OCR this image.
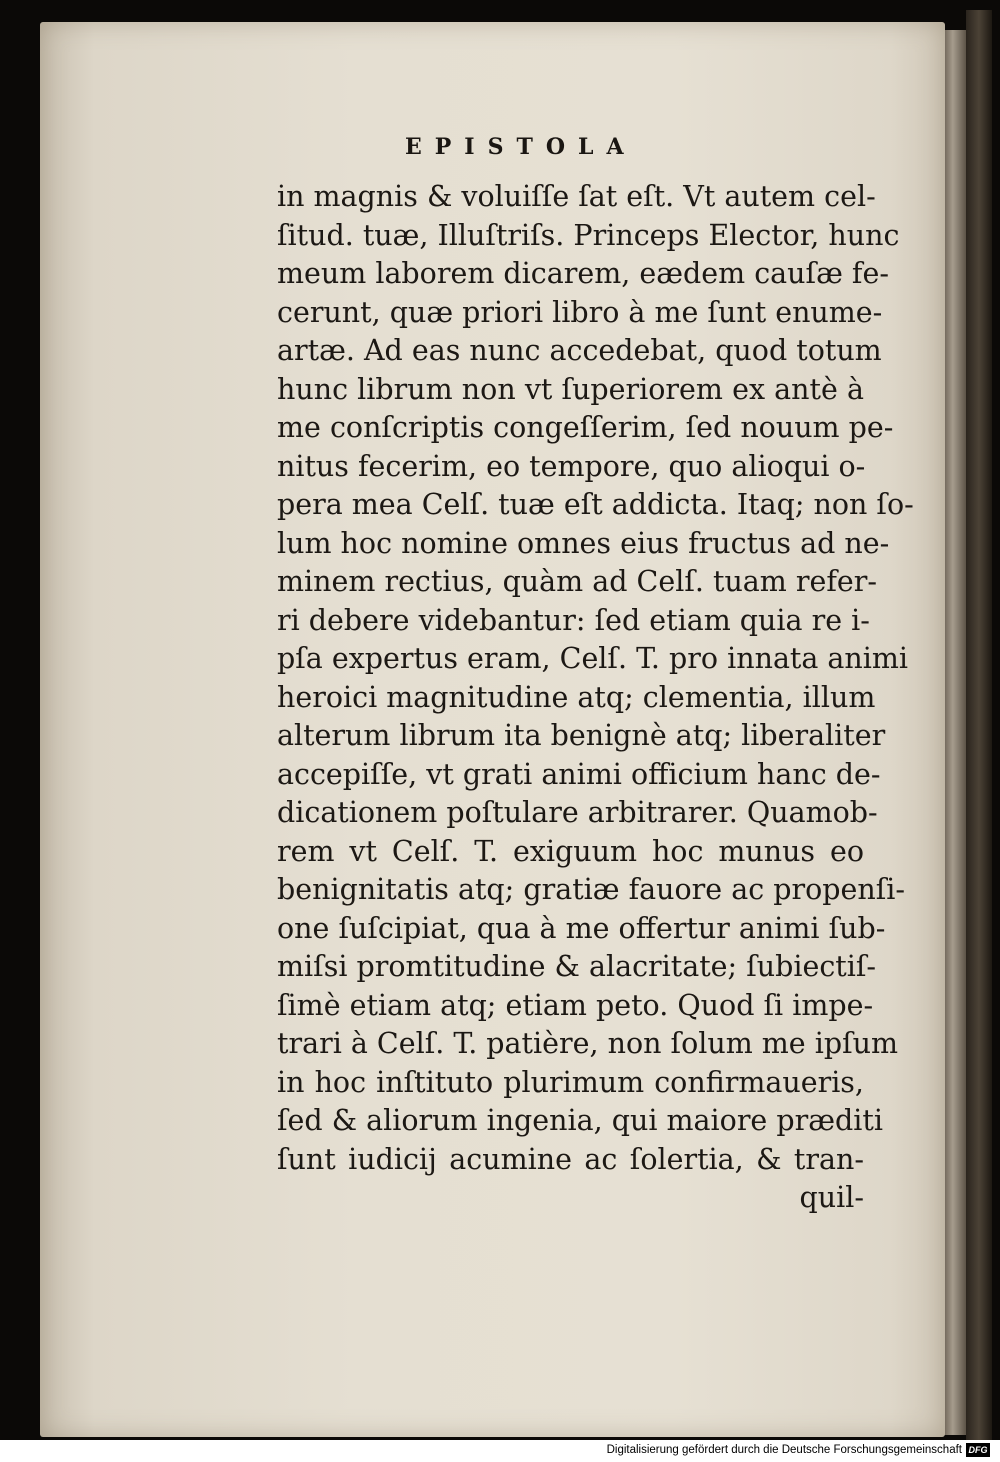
EPISTOLA
in magnis & voluiſſe ſat eſt. Vt autem cel-
ſitud. tuæ, Illuſtriſs. Princeps Elector, hunc
meum laborem dicarem, eædem cauſæ fe-
cerunt, quæ priori libro à me ſunt enume-
artæ. Ad eas nunc accedebat, quod totum
hunc librum non vt ſuperiorem ex antè à
me conſcriptis congeſſerim, ſed nouum pe-
nitus fecerim, eo tempore, quo alioqui o-
pera mea Celſ. tuæ eſt addicta. Itaq; non ſo-
lum hoc nomine omnes eius fructus ad ne-
minem rectius, quàm ad Celſ. tuam refer-
ri debere videbantur: ſed etiam quia re i-
pſa expertus eram, Celſ. T. pro innata animi
heroici magnitudine atq; clementia, illum
alterum librum ita benignè atq; liberaliter
accepiſſe, vt grati animi officium hanc de-
dicationem poſtulare arbitrarer. Quamob-
rem vt Celſ. T. exiguum hoc munus eo
benignitatis atq; gratiæ fauore ac propenſi-
one ſuſcipiat, qua à me offertur animi ſub-
miſsi promtitudine & alacritate; ſubiectiſ-
ſimè etiam atq; etiam peto. Quod ſi impe-
trari à Celſ. T. patière, non ſolum me ipſum
in hoc inſtituto plurimum confirmaueris,
ſed & aliorum ingenia, qui maiore præditi
ſunt iudicij acumine ac ſolertia, & tran-
quil-
Digitalisierung gefördert durch die Deutsche Forschungsgemeinschaft DFG
